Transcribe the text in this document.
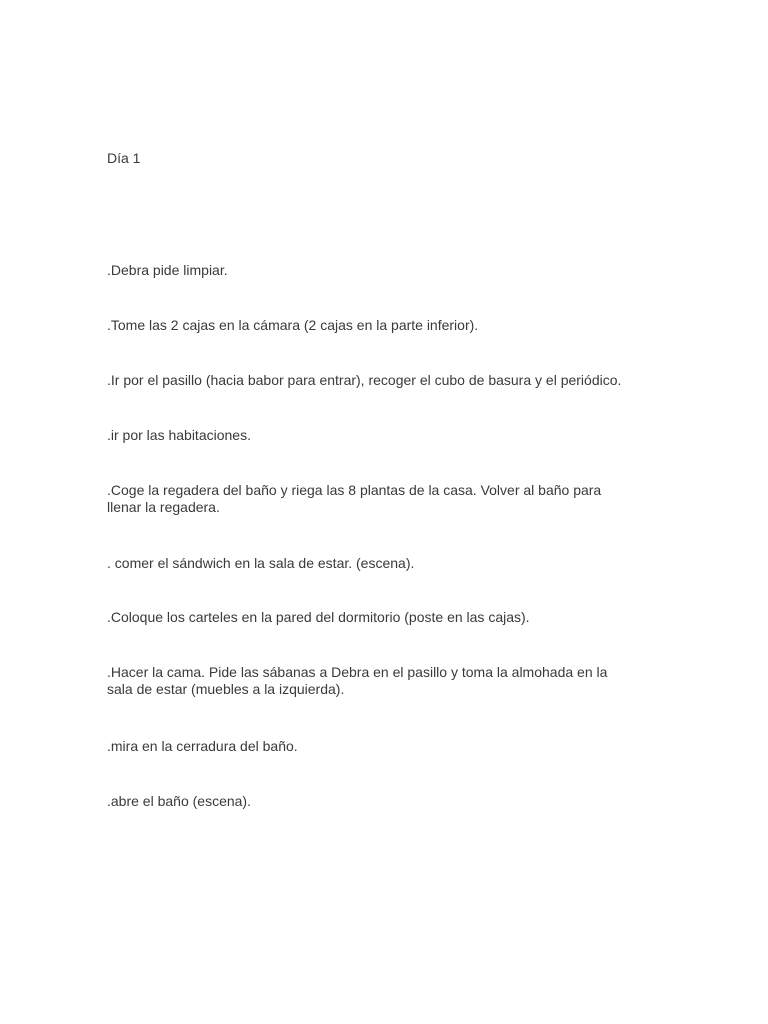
Día 1

.Debra pide limpiar.

.Tome las 2 cajas en la cámara (2 cajas en la parte inferior).

.Ir por el pasillo (hacia babor para entrar), recoger el cubo de basura y el periódico.

.ir por las habitaciones.

.Coge la regadera del baño y riega las 8 plantas de la casa. Volver al baño para
llenar la regadera.

. comer el sándwich en la sala de estar. (escena).

.Coloque los carteles en la pared del dormitorio (poste en las cajas).

.Hacer la cama. Pide las sábanas a Debra en el pasillo y toma la almohada en la
sala de estar (muebles a la izquierda).

.mira en la cerradura del baño.

.abre el baño (escena).
